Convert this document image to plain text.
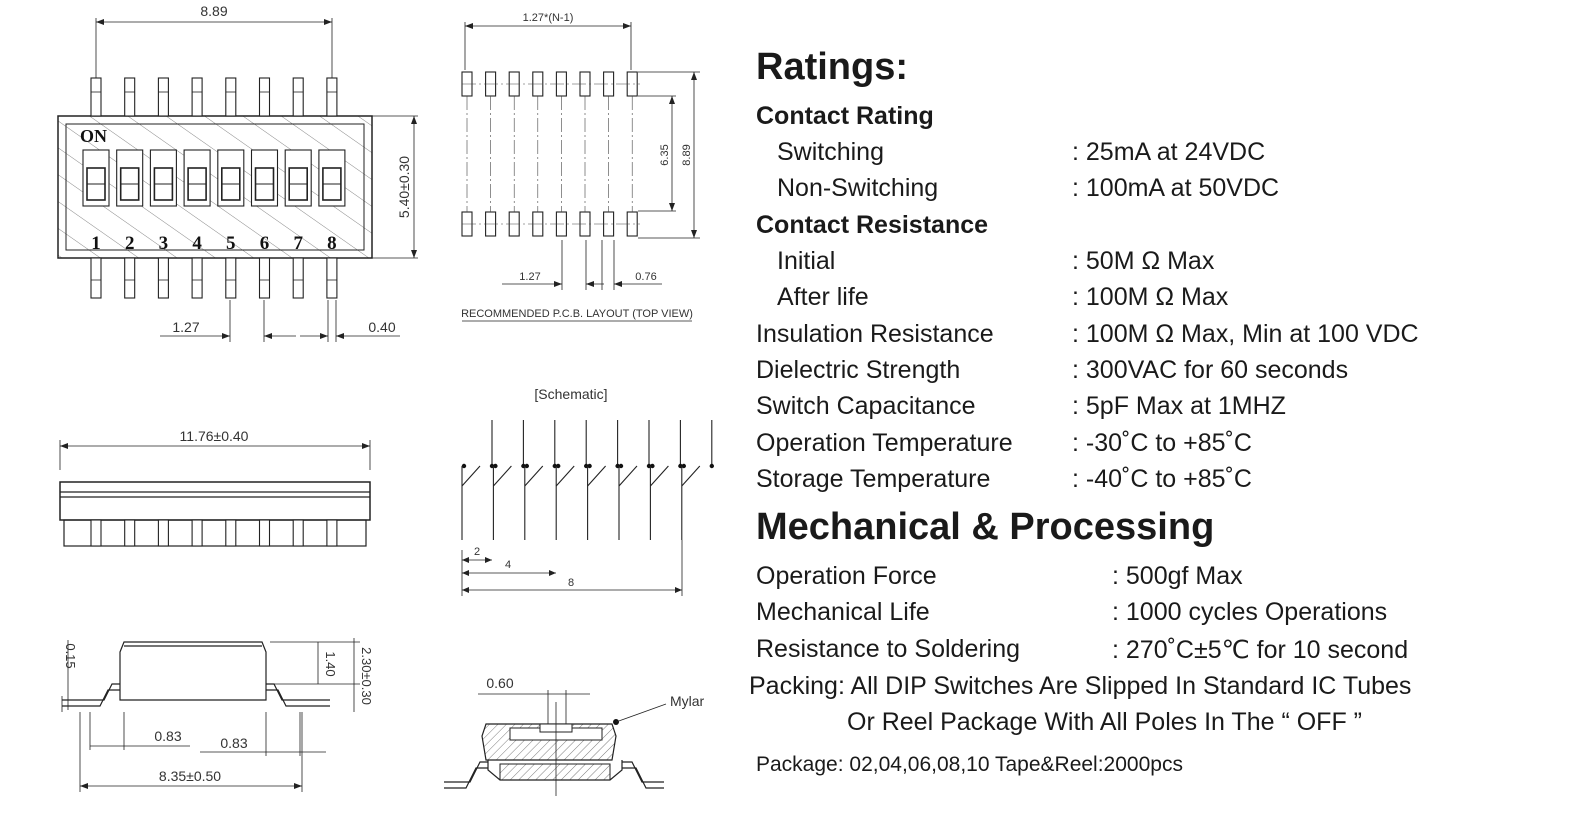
8.89
ON
5.40±0.30
1.27	0.40
1 2 3 4 5 6 7 8
1.27*(N-1)
6.35 8.89
1.27	0.76
RECOMMENDED P.C.B. LAYOUT (TOP VIEW)
11.76±0.40
[Schematic]
2
4
8
0.15	1.40 2.30±0.30
0.83	0.83
8.35±0.50
0.60
Mylar
Ratings:
Contact Rating
Switching	: 25mA at 24VDC
Non-Switching	: 100mA at 50VDC
Contact Resistance
Initial	: 50M Ω Max
After life	: 100M Ω Max
Insulation Resistance	: 100M Ω Max, Min at 100 VDC
Dielectric Strength	: 300VAC for 60 seconds
Switch Capacitance	: 5pF Max at 1MHZ
Operation Temperature : -30˚C to +85˚C
Storage Temperature	: -40˚C to +85˚C
Mechanical & Processing
Operation Force	: 500gf Max
Mechanical Life	: 1000 cycles Operations
Resistance to Soldering	: 270˚C±5℃ for 10 second
Packing: All DIP Switches Are Slipped In Standard IC Tubes
Or Reel Package With All Poles In The “ OFF ”
Package: 02,04,06,08,10 Tape&Reel:2000pcs
